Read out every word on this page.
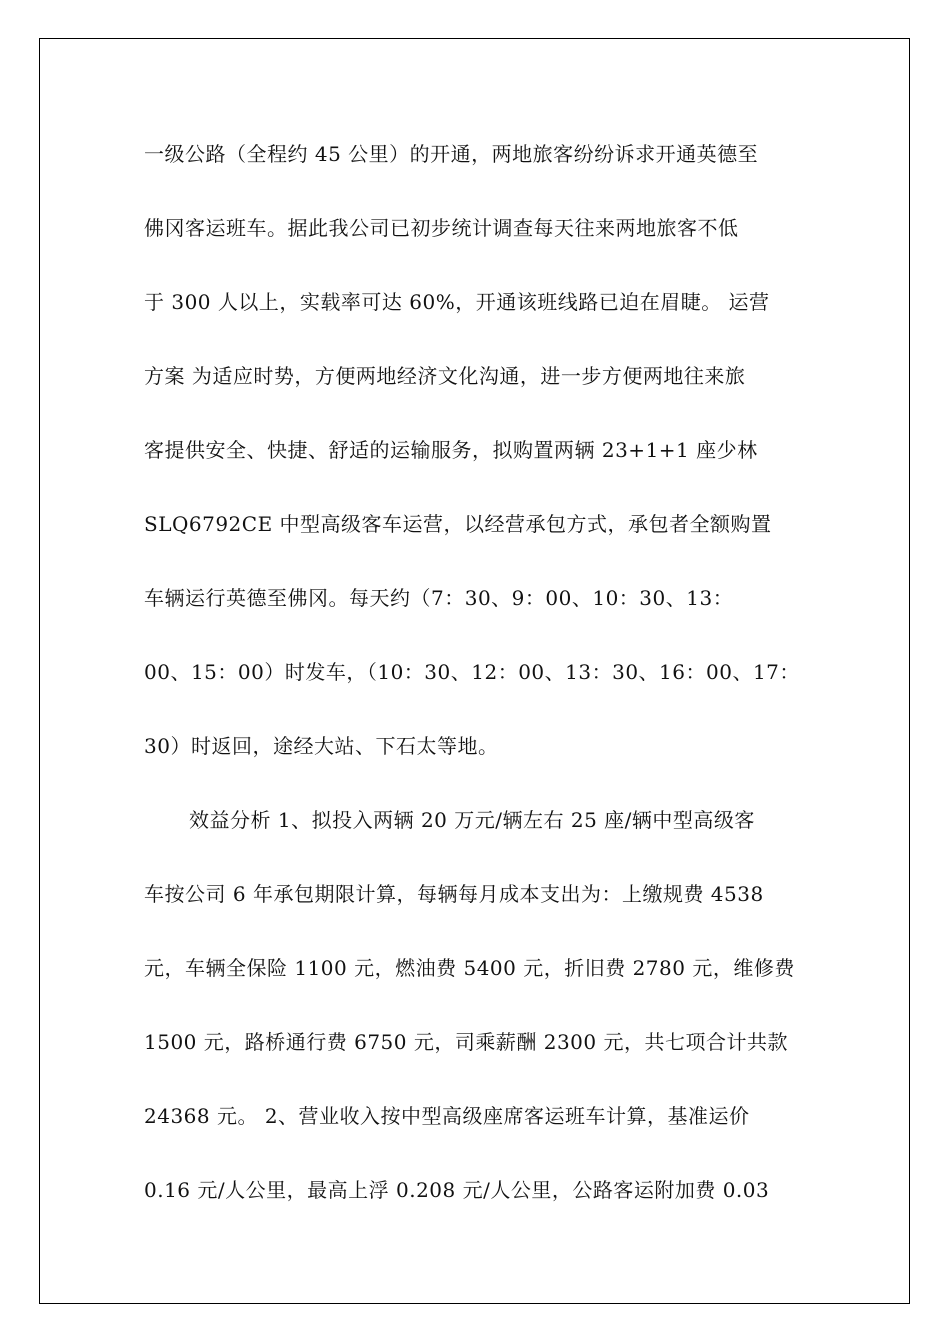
一级公路（全程约 45 公里）的开通，两地旅客纷纷诉求开通英德至
佛冈客运班车。据此我公司已初步统计调查每天往来两地旅客不低
于 300 人以上，实载率可达 60%，开通该班线路已迫在眉睫。 运营
方案 为适应时势，方便两地经济文化沟通，进一步方便两地往来旅
客提供安全、快捷、舒适的运输服务，拟购置两辆 23+1+1 座少林
SLQ6792CE 中型高级客车运营，以经营承包方式，承包者全额购置
车辆运行英德至佛冈。每天约（7：30、9：00、10：30、13：
00、15：00）时发车，（10：30、12：00、13：30、16：00、17：
30）时返回，途经大站、下石太等地。
效益分析 1、拟投入两辆 20 万元/辆左右 25 座/辆中型高级客
车按公司 6 年承包期限计算，每辆每月成本支出为：上缴规费 4538
元，车辆全保险 1100 元，燃油费 5400 元，折旧费 2780 元，维修费
1500 元，路桥通行费 6750 元，司乘薪酬 2300 元，共七项合计共款
24368 元。 2、营业收入按中型高级座席客运班车计算，基准运价
0.16 元/人公里，最高上浮 0.208 元/人公里，公路客运附加费 0.03
